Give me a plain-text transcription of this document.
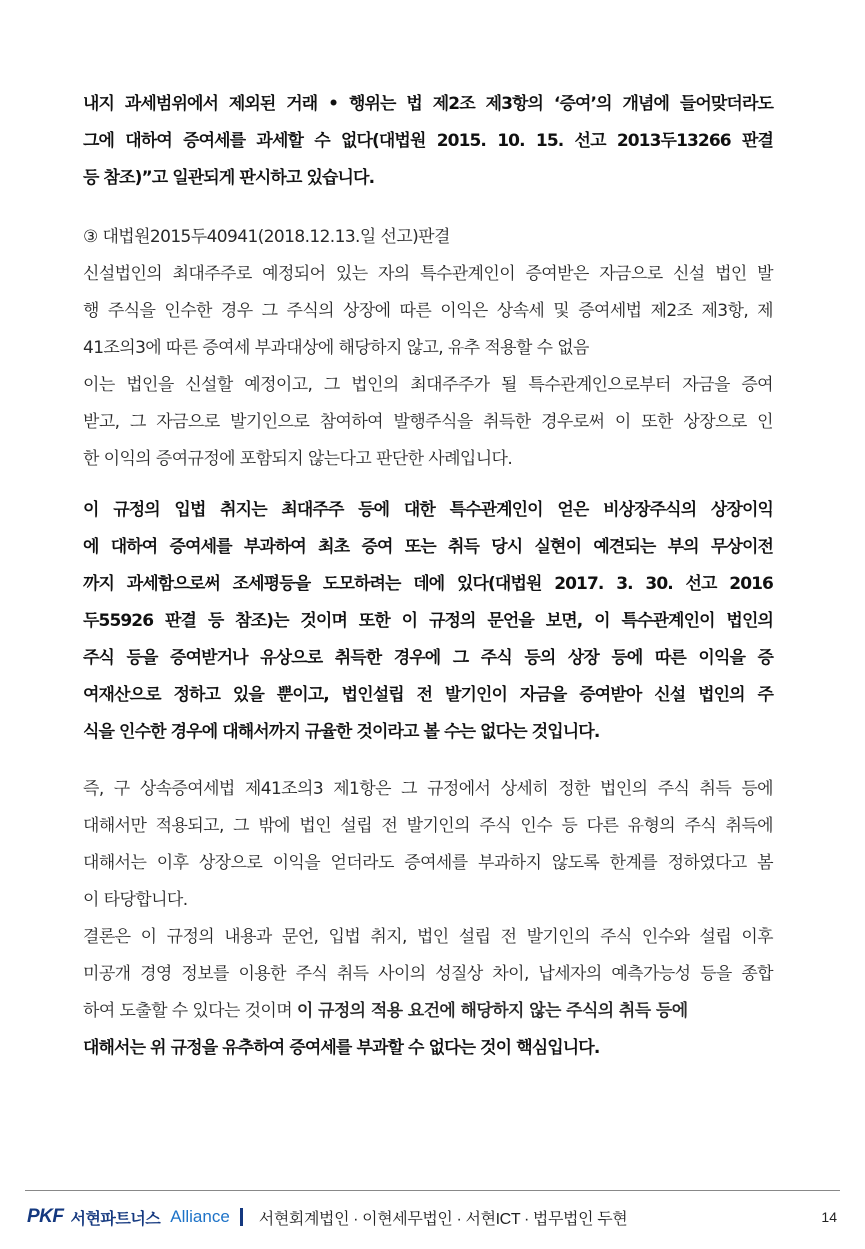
내지 과세범위에서 제외된 거래 • 행위는 법 제2조 제3항의 ‘증여’의 개념에 들어맞더라도
그에 대하여 증여세를 과세할 수 없다(대법원 2015. 10. 15. 선고 2013두13266 판결
등 참조)”고 일관되게 판시하고 있습니다.
③ 대법원2015두40941(2018.12.13.일 선고)판결
신설법인의 최대주주로 예정되어 있는 자의 특수관계인이 증여받은 자금으로 신설 법인 발
행 주식을 인수한 경우 그 주식의 상장에 따른 이익은 상속세 및 증여세법 제2조 제3항, 제
41조의3에 따른 증여세 부과대상에 해당하지 않고, 유추 적용할 수 없음
이는 법인을 신설할 예정이고, 그 법인의 최대주주가 될 특수관계인으로부터 자금을 증여
받고, 그 자금으로 발기인으로 참여하여 발행주식을 취득한 경우로써 이 또한 상장으로 인
한 이익의 증여규정에 포함되지 않는다고 판단한 사례입니다.
이 규정의 입법 취지는 최대주주 등에 대한 특수관계인이 얻은 비상장주식의 상장이익
에 대하여 증여세를 부과하여 최초 증여 또는 취득 당시 실현이 예견되는 부의 무상이전
까지 과세함으로써 조세평등을 도모하려는 데에 있다(대법원 2017. 3. 30. 선고 2016
두55926 판결 등 참조)는 것이며 또한 이 규정의 문언을 보면, 이 특수관계인이 법인의
주식 등을 증여받거나 유상으로 취득한 경우에 그 주식 등의 상장 등에 따른 이익을 증
여재산으로 정하고 있을 뿐이고, 법인설립 전 발기인이 자금을 증여받아 신설 법인의 주
식을 인수한 경우에 대해서까지 규율한 것이라고 볼 수는 없다는 것입니다.
즉, 구 상속증여세법 제41조의3 제1항은 그 규정에서 상세히 정한 법인의 주식 취득 등에
대해서만 적용되고, 그 밖에 법인 설립 전 발기인의 주식 인수 등 다른 유형의 주식 취득에
대해서는 이후 상장으로 이익을 얻더라도 증여세를 부과하지 않도록 한계를 정하였다고 봄
이 타당합니다.
결론은 이 규정의 내용과 문언, 입법 취지, 법인 설립 전 발기인의 주식 인수와 설립 이후
미공개 경영 정보를 이용한 주식 취득 사이의 성질상 차이, 납세자의 예측가능성 등을 종합
하여 도출할 수 있다는 것이며 이 규정의 적용 요건에 해당하지 않는 주식의 취득 등에
대해서는 위 규정을 유추하여 증여세를 부과할 수 없다는 것이 핵심입니다.
PKF 서현파트너스 Alliance 서현회계법인 · 이현세무법인 · 서현ICT · 법무법인 두현	14
